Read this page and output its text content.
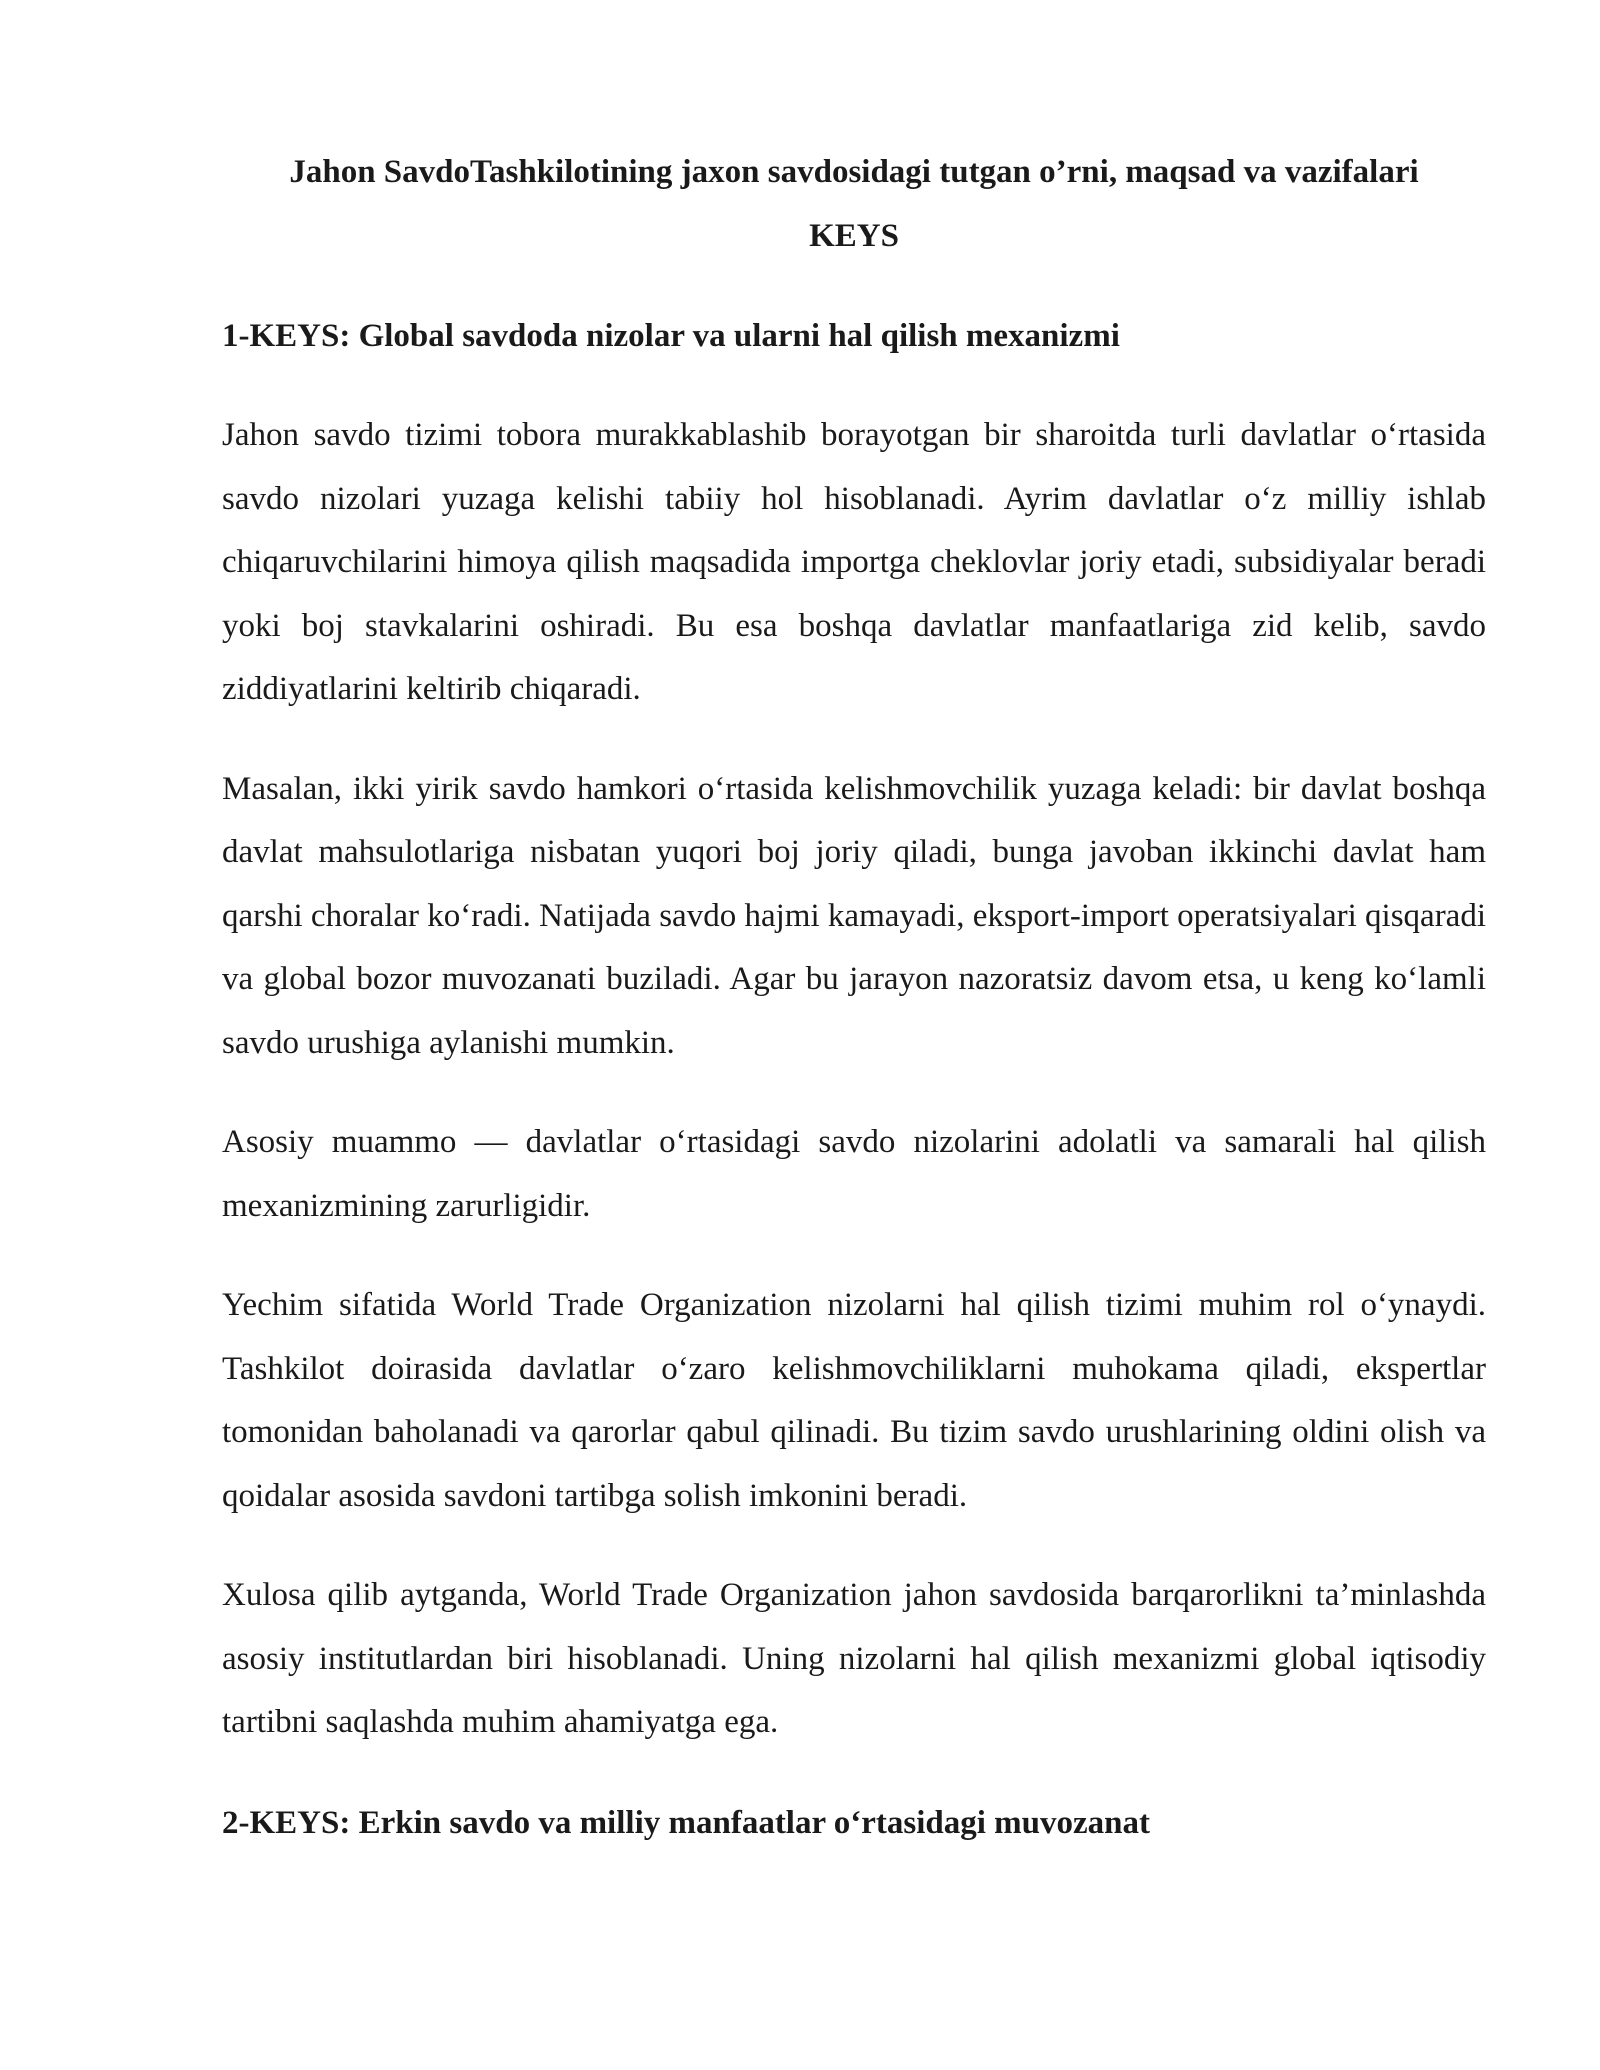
Jahon SavdoTashkilotining jaxon savdosidagi tutgan o’rni, maqsad va vazifalari

KEYS

1-KEYS: Global savdoda nizolar va ularni hal qilish mexanizmi

Jahon savdo tizimi tobora murakkablashib borayotgan bir sharoitda turli davlatlar o‘rtasida savdo nizolari yuzaga kelishi tabiiy hol hisoblanadi. Ayrim davlatlar o‘z milliy ishlab chiqaruvchilarini himoya qilish maqsadida importga cheklovlar joriy etadi, subsidiyalar beradi yoki boj stavkalarini oshiradi. Bu esa boshqa davlatlar manfaatlariga zid kelib, savdo ziddiyatlarini keltirib chiqaradi.

Masalan, ikki yirik savdo hamkori o‘rtasida kelishmovchilik yuzaga keladi: bir davlat boshqa davlat mahsulotlariga nisbatan yuqori boj joriy qiladi, bunga javoban ikkinchi davlat ham qarshi choralar ko‘radi. Natijada savdo hajmi kamayadi, eksport-import operatsiyalari qisqaradi va global bozor muvozanati buziladi. Agar bu jarayon nazoratsiz davom etsa, u keng ko‘lamli savdo urushiga aylanishi mumkin.

Asosiy muammo — davlatlar o‘rtasidagi savdo nizolarini adolatli va samarali hal qilish mexanizmining zarurligidir.

Yechim sifatida World Trade Organization nizolarni hal qilish tizimi muhim rol o‘ynaydi. Tashkilot doirasida davlatlar o‘zaro kelishmovchiliklarni muhokama qiladi, ekspertlar tomonidan baholanadi va qarorlar qabul qilinadi. Bu tizim savdo urushlarining oldini olish va qoidalar asosida savdoni tartibga solish imkonini beradi.

Xulosa qilib aytganda, World Trade Organization jahon savdosida barqarorlikni ta’minlashda asosiy institutlardan biri hisoblanadi. Uning nizolarni hal qilish mexanizmi global iqtisodiy tartibni saqlashda muhim ahamiyatga ega.

2-KEYS: Erkin savdo va milliy manfaatlar o‘rtasidagi muvozanat
